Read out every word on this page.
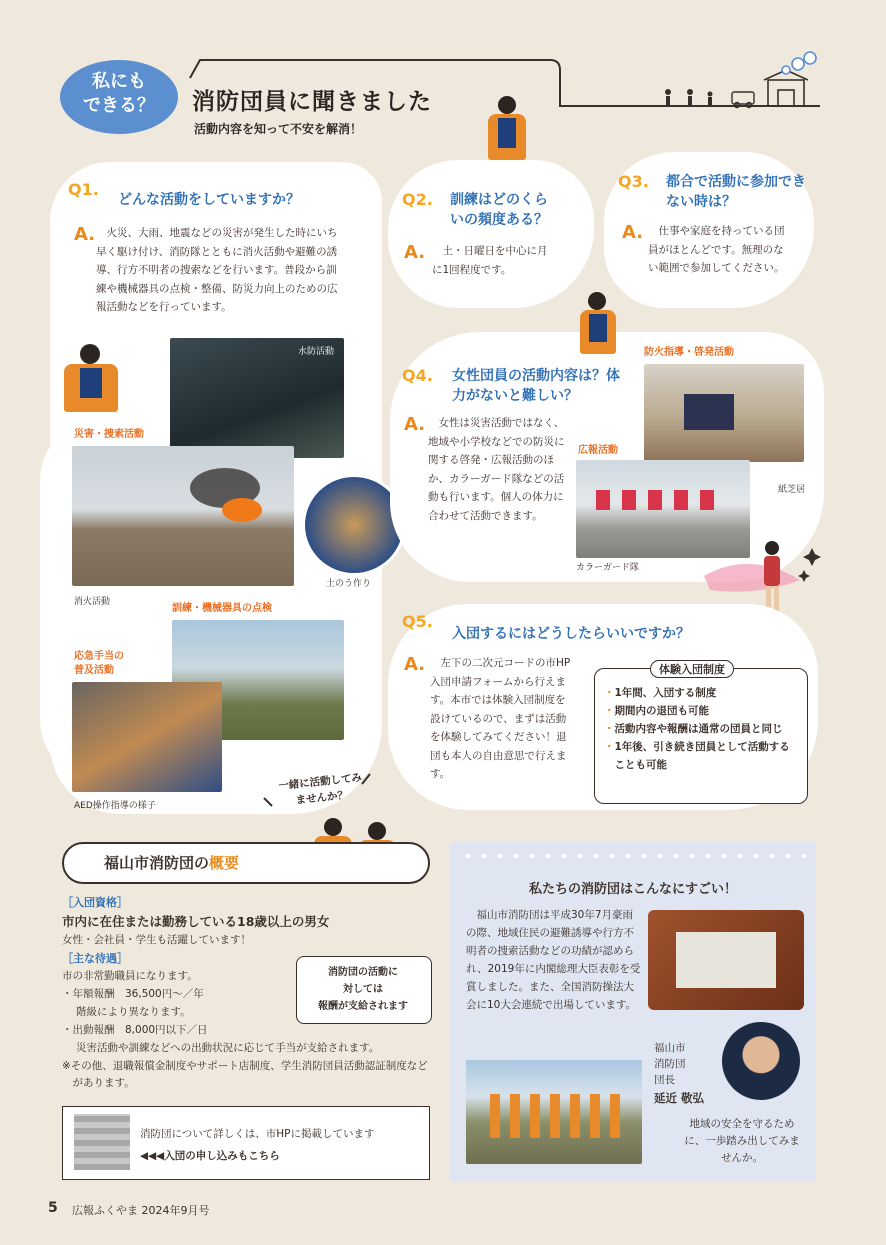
私にも
できる？	消防団員に聞きました
活動内容を知って不安を解消！
Q1.
どんな活動をしていますか？
A.	火災、大雨、地震などの災害が発生した時にいち早く駆け付け、消防隊とともに消火活動や避難の誘導、行方不明者の捜索などを行います。普段から訓練や機械器具の点検・整備、防災力向上のための広報活動などを行っています。
水防活動
災害・捜索活動
消火活動
土のう作り
訓練・機械器具の点検
応急手当の
普及活動
AED操作指導の様子
Q2. 訓練はどのくらいの頻度ある？
A.	土・日曜日を中心に月に1回程度です。
Q3. 都合で活動に参加できない時は？
A.	仕事や家庭を持っている団員がほとんどです。無理のない範囲で参加してください。
Q4. 女性団員の活動内容は？体力がないと難しい？
A.	女性は災害活動ではなく、地域や小学校などでの防災に関する啓発・広報活動のほか、カラーガード隊などの活動も行います。個人の体力に合わせて活動できます。
防火指導・啓発活動
紙芝居
広報活動
カラーガード隊
Q5.
入団するにはどうしたらいいですか？
A.	左下の二次元コードの市HP入団申請フォームから行えます。本市では体験入団制度を設けているので、まずは活動を体験してみてください！退団も本人の自由意思で行えます。
体験入団制度
・1年間、入団する制度
・期間内の退団も可能
・活動内容や報酬は通常の団員と同じ
・1年後、引き続き団員として活動することも可能
一緒に活動してみませんか？
福山市消防団の概要
［入団資格］
市内に在住または勤務している18歳以上の男女
女性・会社員・学生も活躍しています！
［主な待遇］
市の非常勤職員になります。
・年額報酬　36,500円〜／年
階級により異なります。
・出動報酬　8,000円以下／日
災害活動や訓練などへの出動状況に応じて手当が支給されます。
※その他、退職報償金制度やサポート店制度、学生消防団員活動認証制度などがあります。
消防団の活動に
対しては
報酬が支給されます
消防団について詳しくは、市HPに掲載しています
◀◀◀入団の申し込みもこちら
私たちの消防団はこんなにすごい！
福山市消防団は平成30年7月豪雨の際、地域住民の避難誘導や行方不明者の捜索活動などの功績が認められ、2019年に内閣総理大臣表彰を受賞しました。また、全国消防操法大会に10大会連続で出場しています。
福山市
消防団
団長
延近 敬弘
地域の安全を守るために、一歩踏み出してみませんか。
5 広報ふくやま 2024年9月号
